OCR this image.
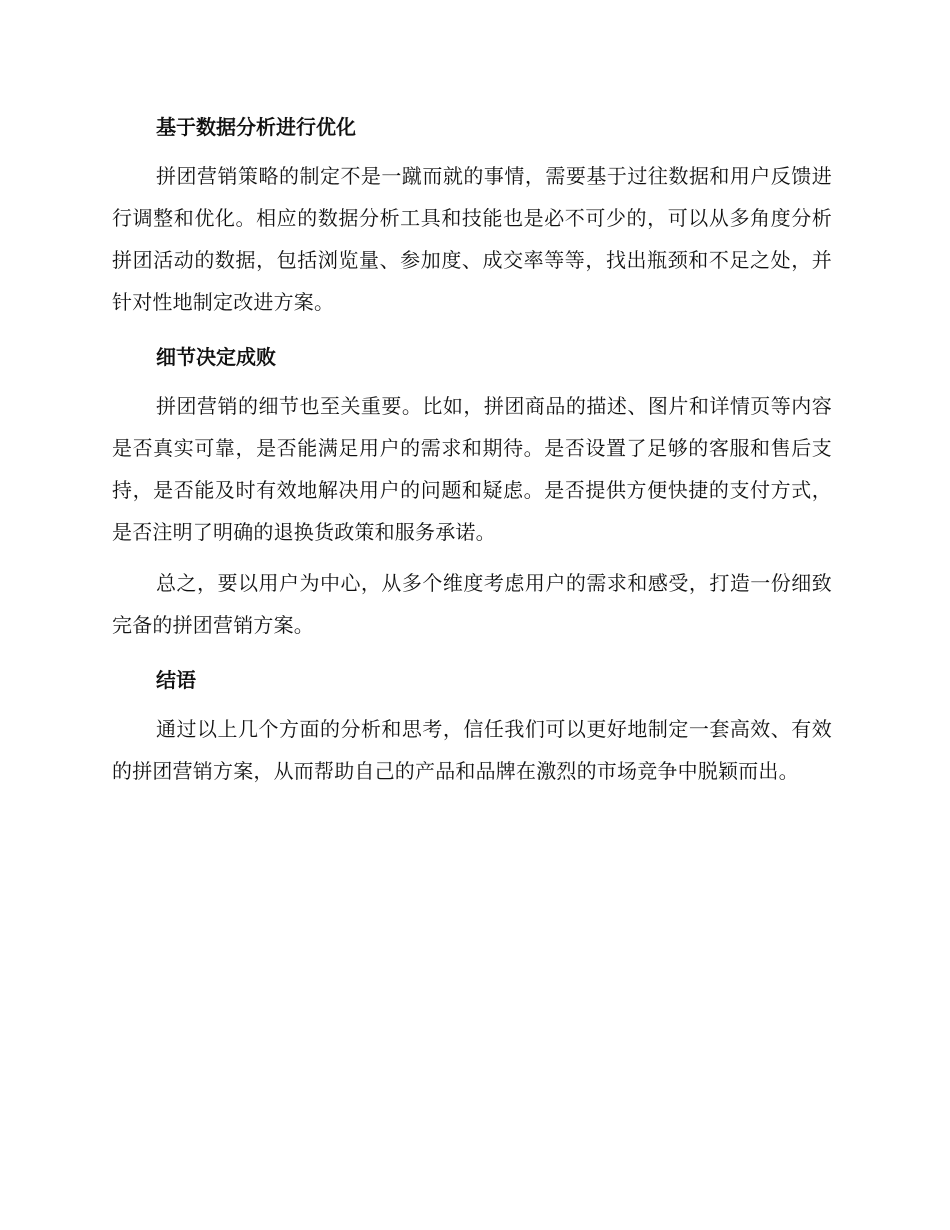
基于数据分析进行优化

拼团营销策略的制定不是一蹴而就的事情，需要基于过往数据和用户反馈进行调整和优化。相应的数据分析工具和技能也是必不可少的，可以从多角度分析拼团活动的数据，包括浏览量、参加度、成交率等等，找出瓶颈和不足之处，并针对性地制定改进方案。

细节决定成败

拼团营销的细节也至关重要。比如，拼团商品的描述、图片和详情页等内容是否真实可靠，是否能满足用户的需求和期待。是否设置了足够的客服和售后支持，是否能及时有效地解决用户的问题和疑虑。是否提供方便快捷的支付方式，是否注明了明确的退换货政策和服务承诺。

总之，要以用户为中心，从多个维度考虑用户的需求和感受，打造一份细致完备的拼团营销方案。

结语

通过以上几个方面的分析和思考，信任我们可以更好地制定一套高效、有效的拼团营销方案，从而帮助自己的产品和品牌在激烈的市场竞争中脱颖而出。
